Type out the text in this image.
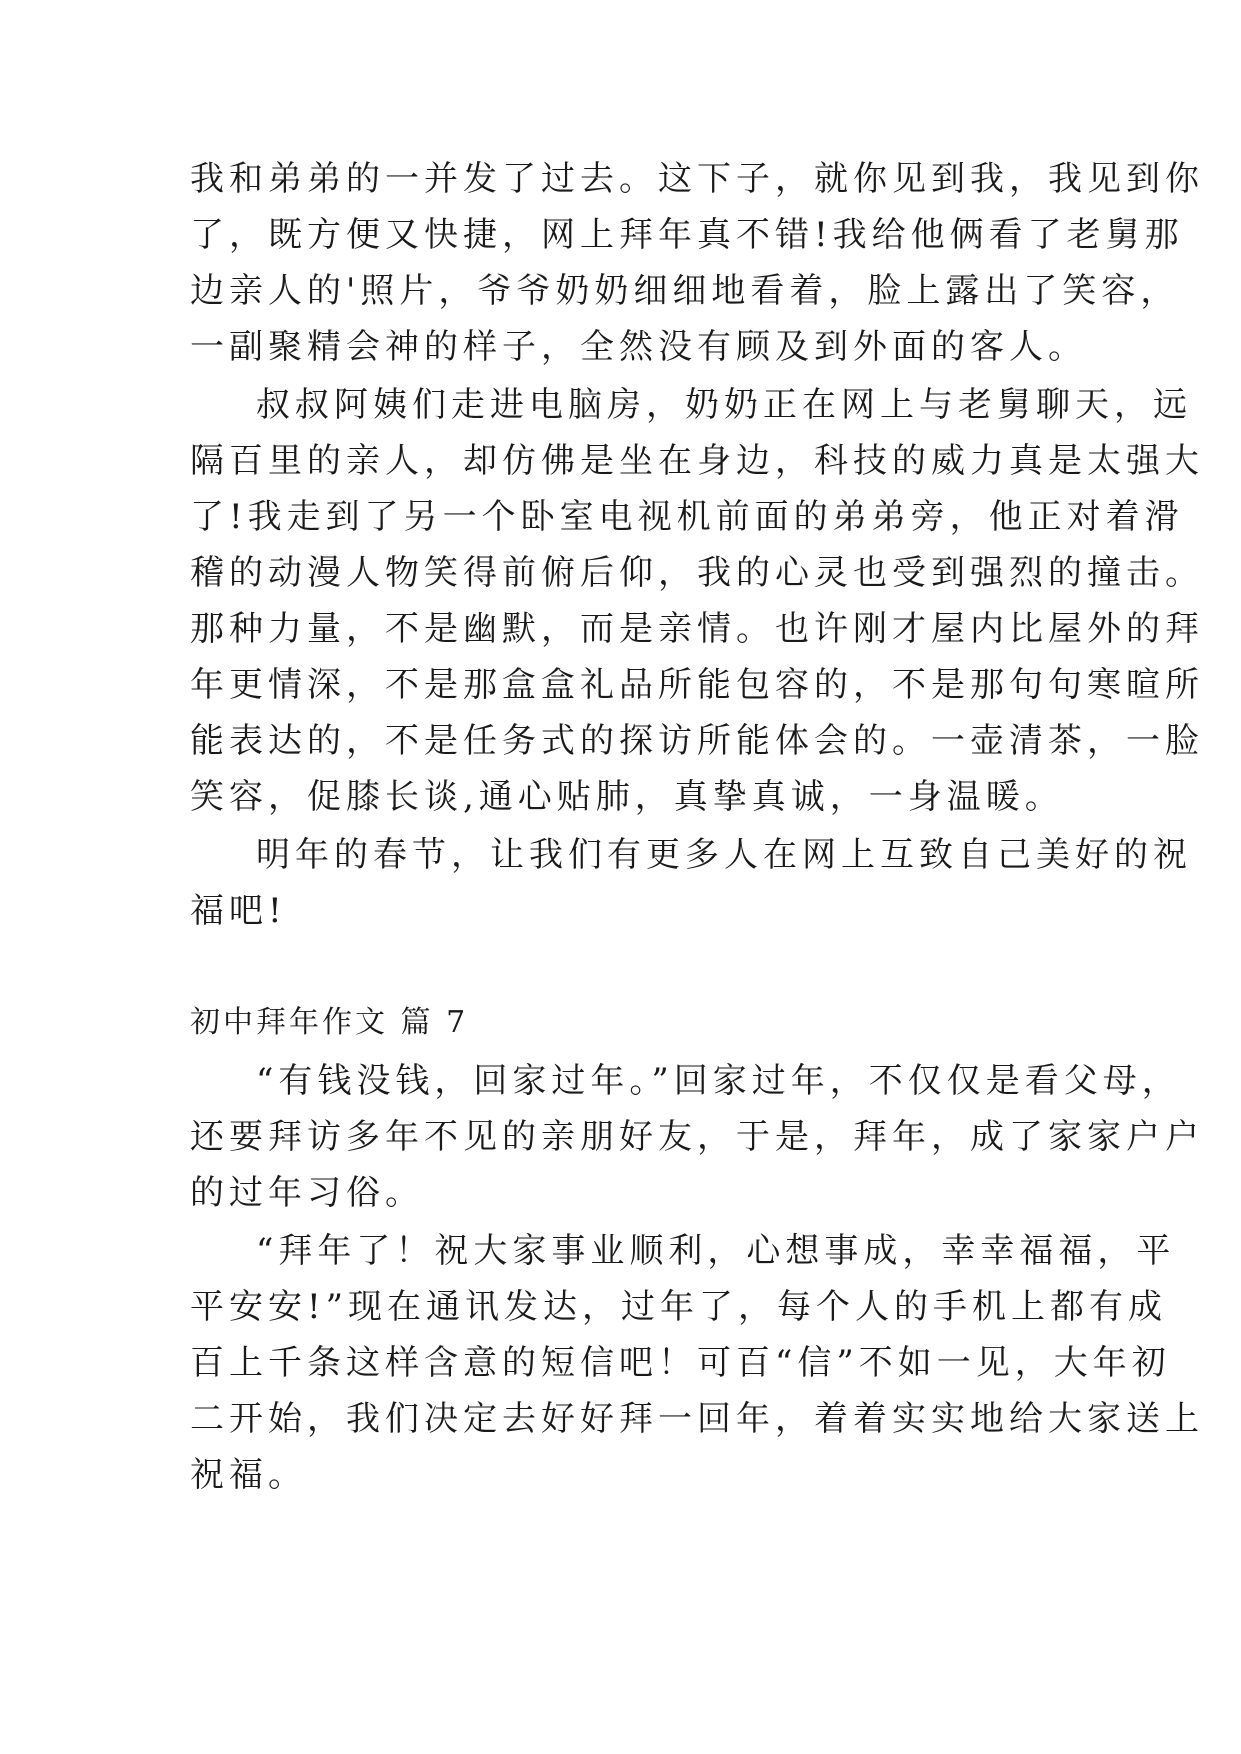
我和弟弟的一并发了过去。这下子，就你见到我，我见到你
了，既方便又快捷，网上拜年真不错!我给他俩看了老舅那
边亲人的'照片，爷爷奶奶细细地看着，脸上露出了笑容，
一副聚精会神的样子，全然没有顾及到外面的客人。
叔叔阿姨们走进电脑房，奶奶正在网上与老舅聊天，远
隔百里的亲人，却仿佛是坐在身边，科技的威力真是太强大
了!我走到了另一个卧室电视机前面的弟弟旁，他正对着滑
稽的动漫人物笑得前俯后仰，我的心灵也受到强烈的撞击。
那种力量，不是幽默，而是亲情。也许刚才屋内比屋外的拜
年更情深，不是那盒盒礼品所能包容的，不是那句句寒暄所
能表达的，不是任务式的探访所能体会的。一壶清茶，一脸
笑容，促膝长谈,通心贴肺，真挚真诚，一身温暖。
明年的春节，让我们有更多人在网上互致自己美好的祝
福吧!
初中拜年作文 篇 7
“有钱没钱，回家过年。”回家过年，不仅仅是看父母，
还要拜访多年不见的亲朋好友，于是，拜年，成了家家户户
的过年习俗。
“拜年了！祝大家事业顺利，心想事成，幸幸福福，平
平安安!”现在通讯发达，过年了，每个人的手机上都有成
百上千条这样含意的短信吧！可百“信”不如一见，大年初
二开始，我们决定去好好拜一回年，着着实实地给大家送上
祝福。
